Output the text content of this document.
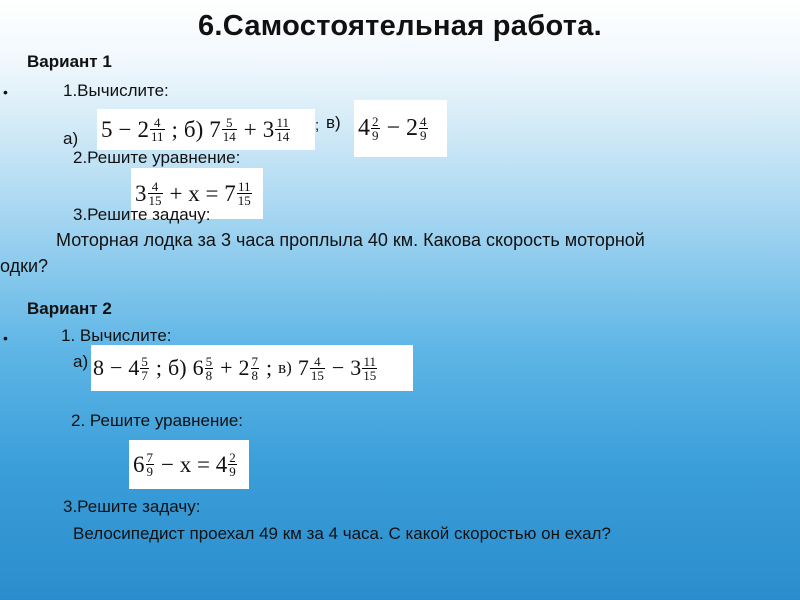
6.Самостоятельная работа.
Вариант 1
•	1.Вычислите:
а) 5 − 2 4
11 ; б) 7 5
14 + 3 11
14
; в) 4 2
9 − 2 4
9
2.Решите уравнение:
3 4
15 + x = 7 11
15
3.Решите задачу:
Моторная лодка за 3 часа проплыла 40 км. Какова скорость моторной
одки?
Вариант 2
•	1. Вычислите:
а) 8 − 4 5
7 ; б) 6 5
8 + 2 7
8 ; в) 7 4
15 − 3 11
15
2. Решите уравнение:
6 7
9 − x = 4 2
9
3.Решите задачу:
Велосипедист проехал 49 км за 4 часа. С какой скоростью он ехал?
